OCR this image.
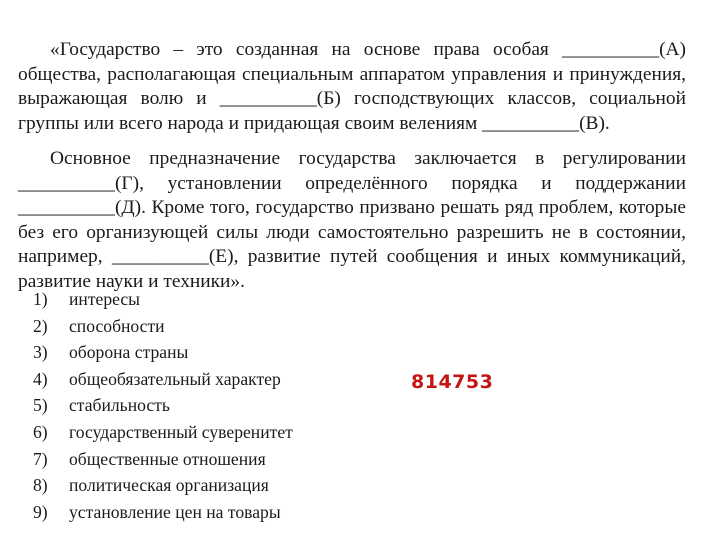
«Государство – это созданная на основе права особая __________(А) общества, располагающая специальным аппаратом управления и принуждения, выражающая волю и __________(Б) господствующих классов, социальной группы или всего народа и придающая своим велениям __________(В).

Основное предназначение государства заключается в регулировании __________(Г), установлении определённого порядка и поддержании __________(Д). Кроме того, государство призвано решать ряд проблем, которые без его организующей силы люди самостоятельно разрешить не в состоянии, например, __________(Е), развитие путей сообщения и иных коммуникаций, развитие науки и техники».

1)	интересы
2)	способности
3)	оборона страны
4)	общеобязательный характер
5)	стабильность
6)	государственный суверенитет
7)	общественные отношения
8)	политическая организация
9)	установление цен на товары
814753
